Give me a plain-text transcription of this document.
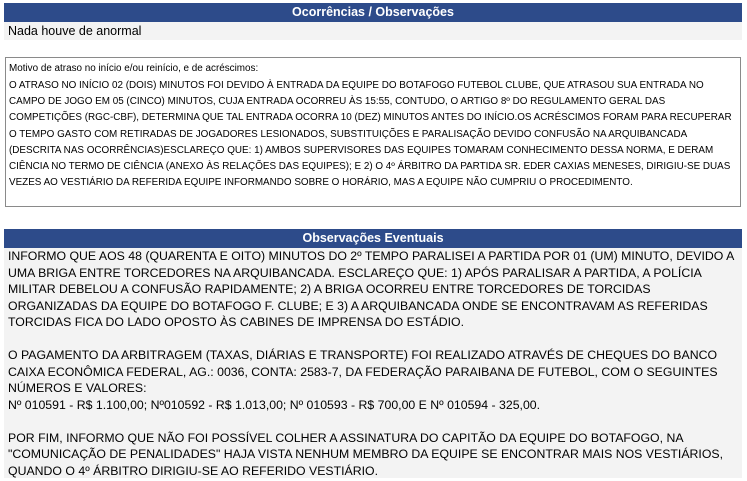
Ocorrências / Observações
Nada houve de anormal

Motivo de atraso no início e/ou reinício, e de acréscimos:

O ATRASO NO INÍCIO 02 (DOIS) MINUTOS FOI DEVIDO À ENTRADA DA EQUIPE DO BOTAFOGO FUTEBOL CLUBE, QUE ATRASOU SUA ENTRADA NO CAMPO DE JOGO EM 05 (CINCO) MINUTOS, CUJA ENTRADA OCORREU ÀS 15:55, CONTUDO, O ARTIGO 8º DO REGULAMENTO GERAL DAS COMPETIÇÕES (RGC-CBF), DETERMINA QUE TAL ENTRADA OCORRA 10 (DEZ) MINUTOS ANTES DO INÍCIO.OS ACRÉSCIMOS FORAM PARA RECUPERAR O TEMPO GASTO COM RETIRADAS DE JOGADORES LESIONADOS, SUBSTITUIÇÕES E PARALISAÇÃO DEVIDO CONFUSÃO NA ARQUIBANCADA (DESCRITA NAS OCORRÊNCIAS)ESCLAREÇO QUE: 1) AMBOS SUPERVISORES DAS EQUIPES TOMARAM CONHECIMENTO DESSA NORMA, E DERAM CIÊNCIA NO TERMO DE CIÊNCIA (ANEXO ÀS RELAÇÕES DAS EQUIPES); E 2) O 4º ÁRBITRO DA PARTIDA SR. EDER CAXIAS MENESES, DIRIGIU-SE DUAS VEZES AO VESTIÁRIO DA REFERIDA EQUIPE INFORMANDO SOBRE O HORÁRIO, MAS A EQUIPE NÃO CUMPRIU O PROCEDIMENTO.

Observações Eventuais

INFORMO QUE AOS 48 (QUARENTA E OITO) MINUTOS DO 2º TEMPO PARALISEI A PARTIDA POR 01 (UM) MINUTO, DEVIDO A UMA BRIGA ENTRE TORCEDORES NA ARQUIBANCADA. ESCLAREÇO QUE: 1) APÓS PARALISAR A PARTIDA, A POLÍCIA MILITAR DEBELOU A CONFUSÃO RAPIDAMENTE; 2) A BRIGA OCORREU ENTRE TORCEDORES DE TORCIDAS ORGANIZADAS DA EQUIPE DO BOTAFOGO F. CLUBE; E 3) A ARQUIBANCADA ONDE SE ENCONTRAVAM AS REFERIDAS TORCIDAS FICA DO LADO OPOSTO ÀS CABINES DE IMPRENSA DO ESTÁDIO.

O PAGAMENTO DA ARBITRAGEM (TAXAS, DIÁRIAS E TRANSPORTE) FOI REALIZADO ATRAVÉS DE CHEQUES DO BANCO CAIXA ECONÔMICA FEDERAL, AG.: 0036, CONTA: 2583-7, DA FEDERAÇÃO PARAIBANA DE FUTEBOL, COM O SEGUINTES NÚMEROS E VALORES:

Nº 010591 - R$ 1.100,00; Nº010592 - R$ 1.013,00; Nº 010593 - R$ 700,00 E Nº 010594 - 325,00.

POR FIM, INFORMO QUE NÃO FOI POSSÍVEL COLHER A ASSINATURA DO CAPITÃO DA EQUIPE DO BOTAFOGO, NA "COMUNICAÇÃO DE PENALIDADES" HAJA VISTA NENHUM MEMBRO DA EQUIPE SE ENCONTRAR MAIS NOS VESTIÁRIOS, QUANDO O 4º ÁRBITRO DIRIGIU-SE AO REFERIDO VESTIÁRIO.
